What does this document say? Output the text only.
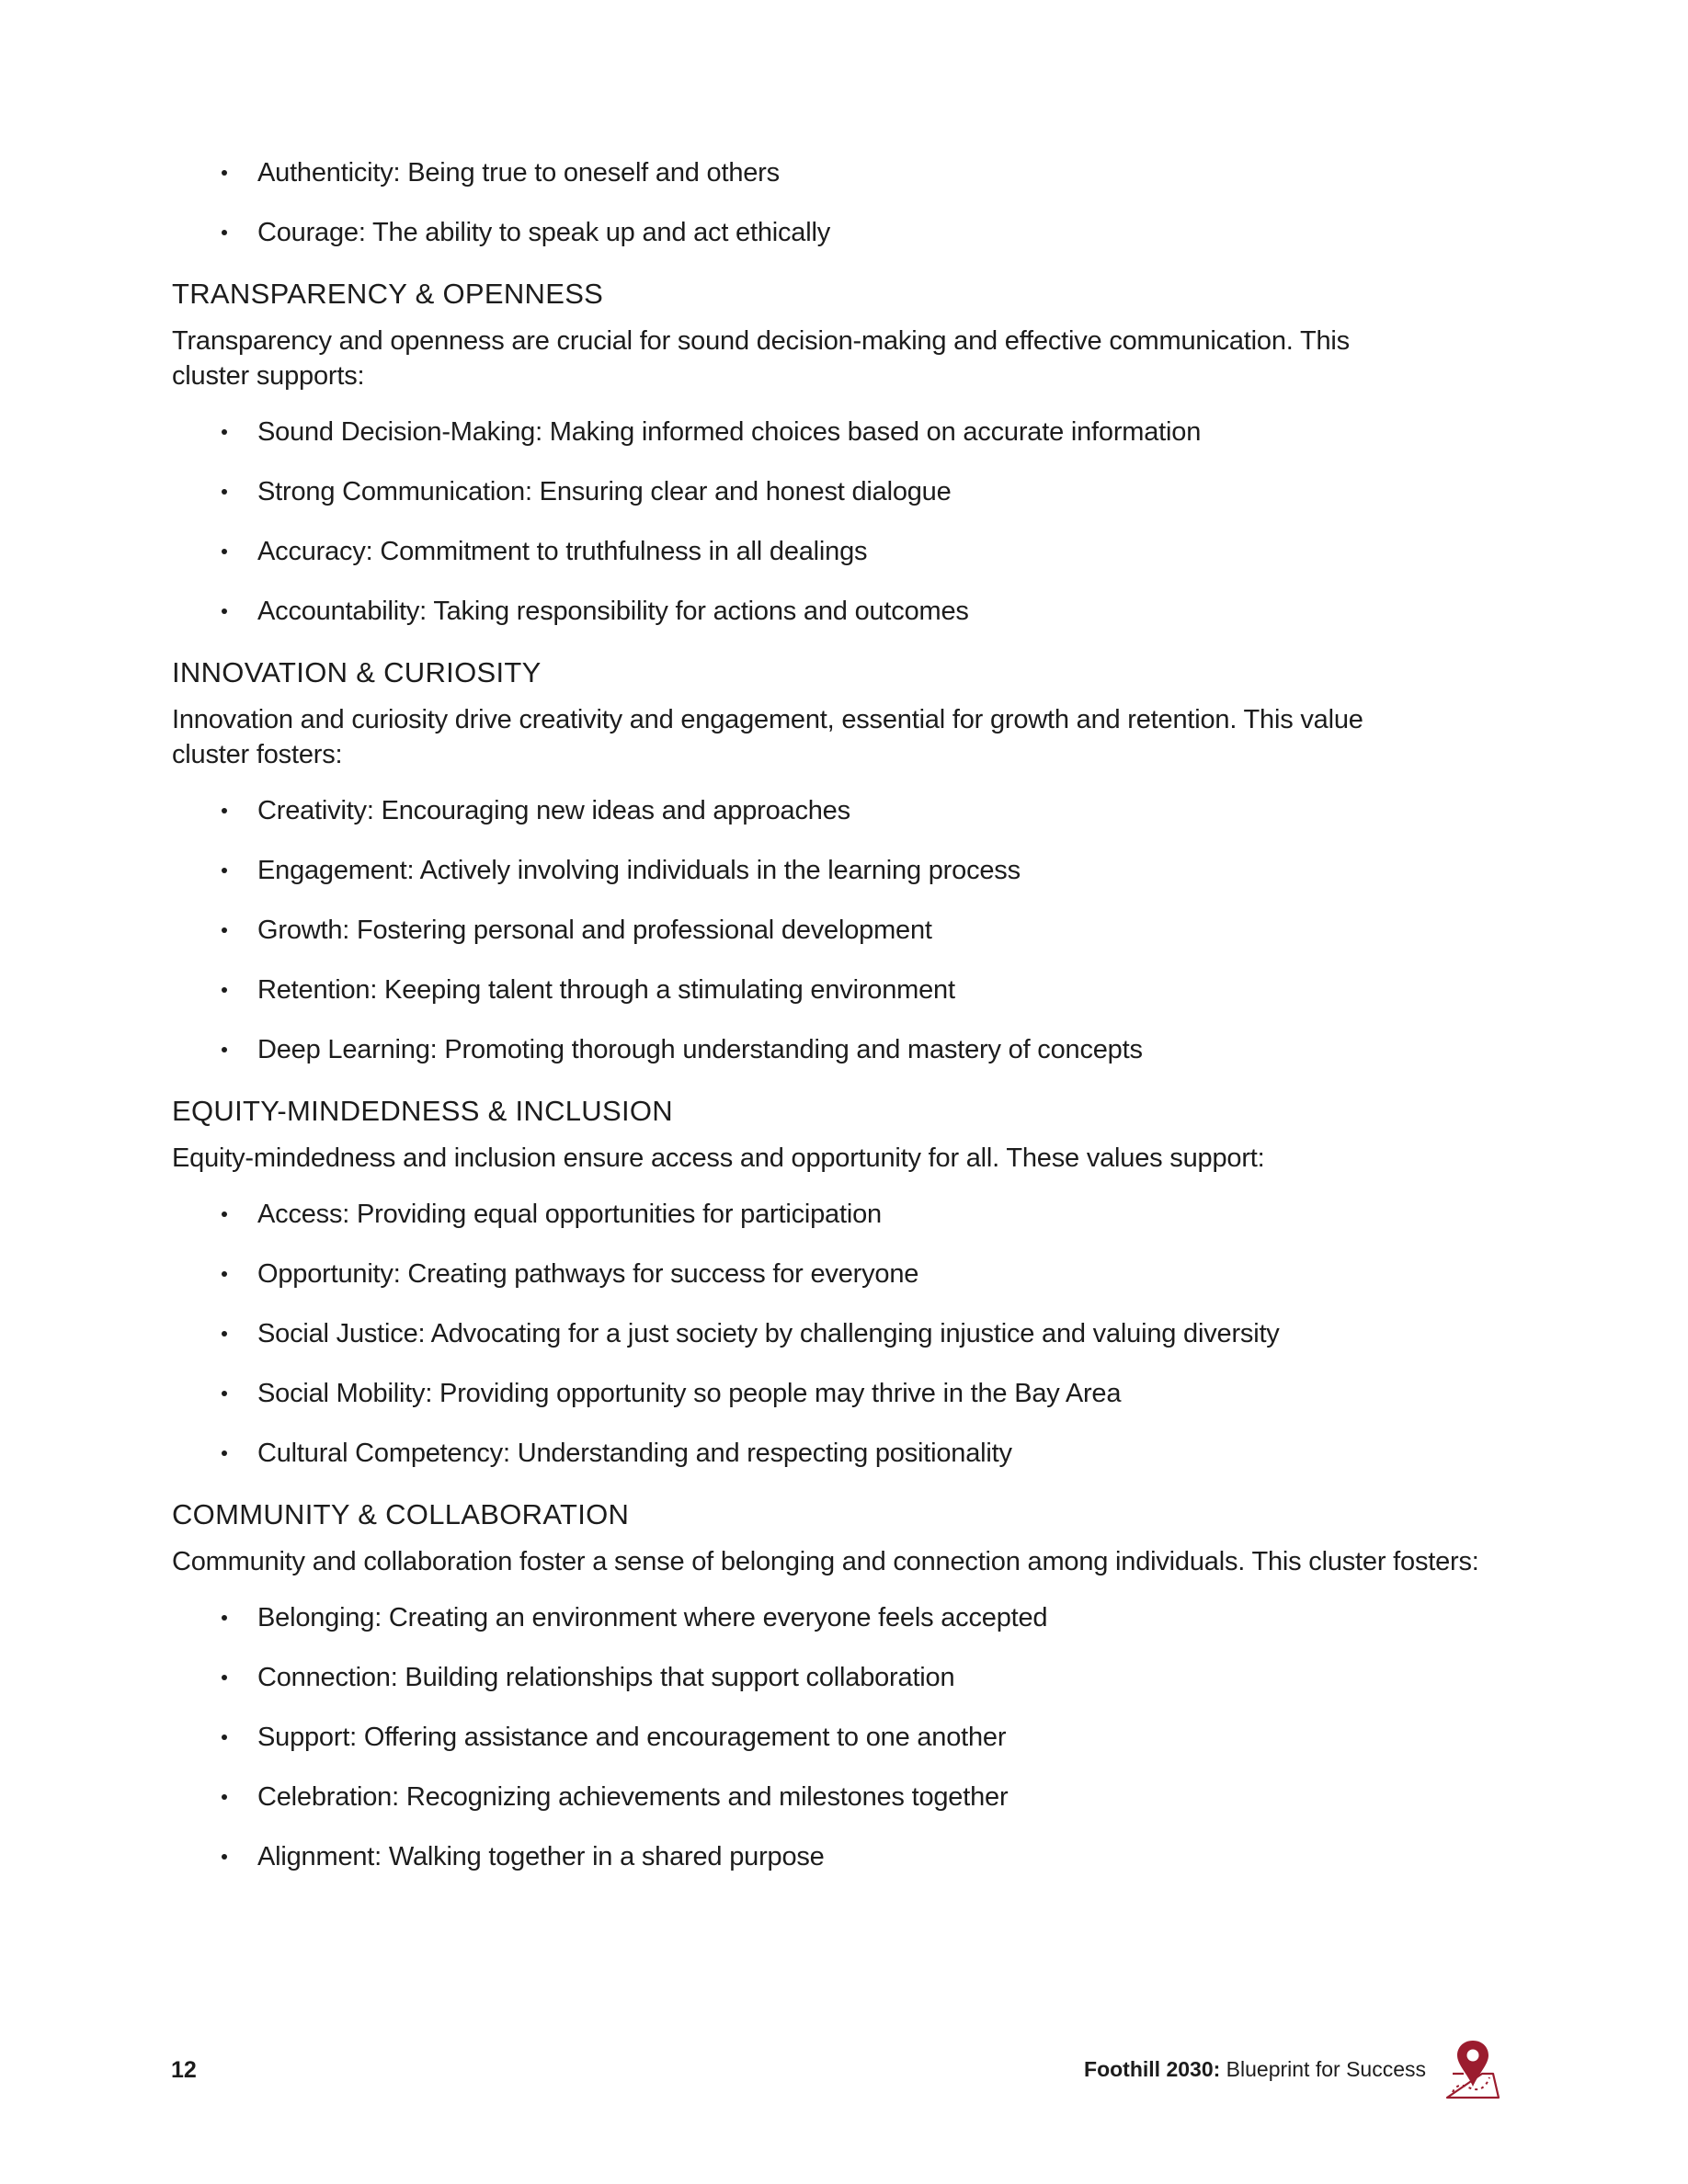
Authenticity: Being true to oneself and others
Courage: The ability to speak up and act ethically
TRANSPARENCY & OPENNESS

Transparency and openness are crucial for sound decision-making and effective communication. This cluster supports:

Sound Decision-Making: Making informed choices based on accurate information
Strong Communication: Ensuring clear and honest dialogue
Accuracy: Commitment to truthfulness in all dealings
Accountability: Taking responsibility for actions and outcomes
INNOVATION & CURIOSITY

Innovation and curiosity drive creativity and engagement, essential for growth and retention. This value cluster fosters:

Creativity: Encouraging new ideas and approaches
Engagement: Actively involving individuals in the learning process
Growth: Fostering personal and professional development
Retention: Keeping talent through a stimulating environment
Deep Learning: Promoting thorough understanding and mastery of concepts
EQUITY-MINDEDNESS & INCLUSION

Equity-mindedness and inclusion ensure access and opportunity for all. These values support:

Access: Providing equal opportunities for participation
Opportunity: Creating pathways for success for everyone
Social Justice: Advocating for a just society by challenging injustice and valuing diversity
Social Mobility: Providing opportunity so people may thrive in the Bay Area
Cultural Competency: Understanding and respecting positionality
COMMUNITY & COLLABORATION

Community and collaboration foster a sense of belonging and connection among individuals. This cluster fosters:

Belonging: Creating an environment where everyone feels accepted
Connection: Building relationships that support collaboration
Support: Offering assistance and encouragement to one another
Celebration: Recognizing achievements and milestones together
Alignment: Walking together in a shared purpose
12	Foothill 2030: Blueprint for Success
